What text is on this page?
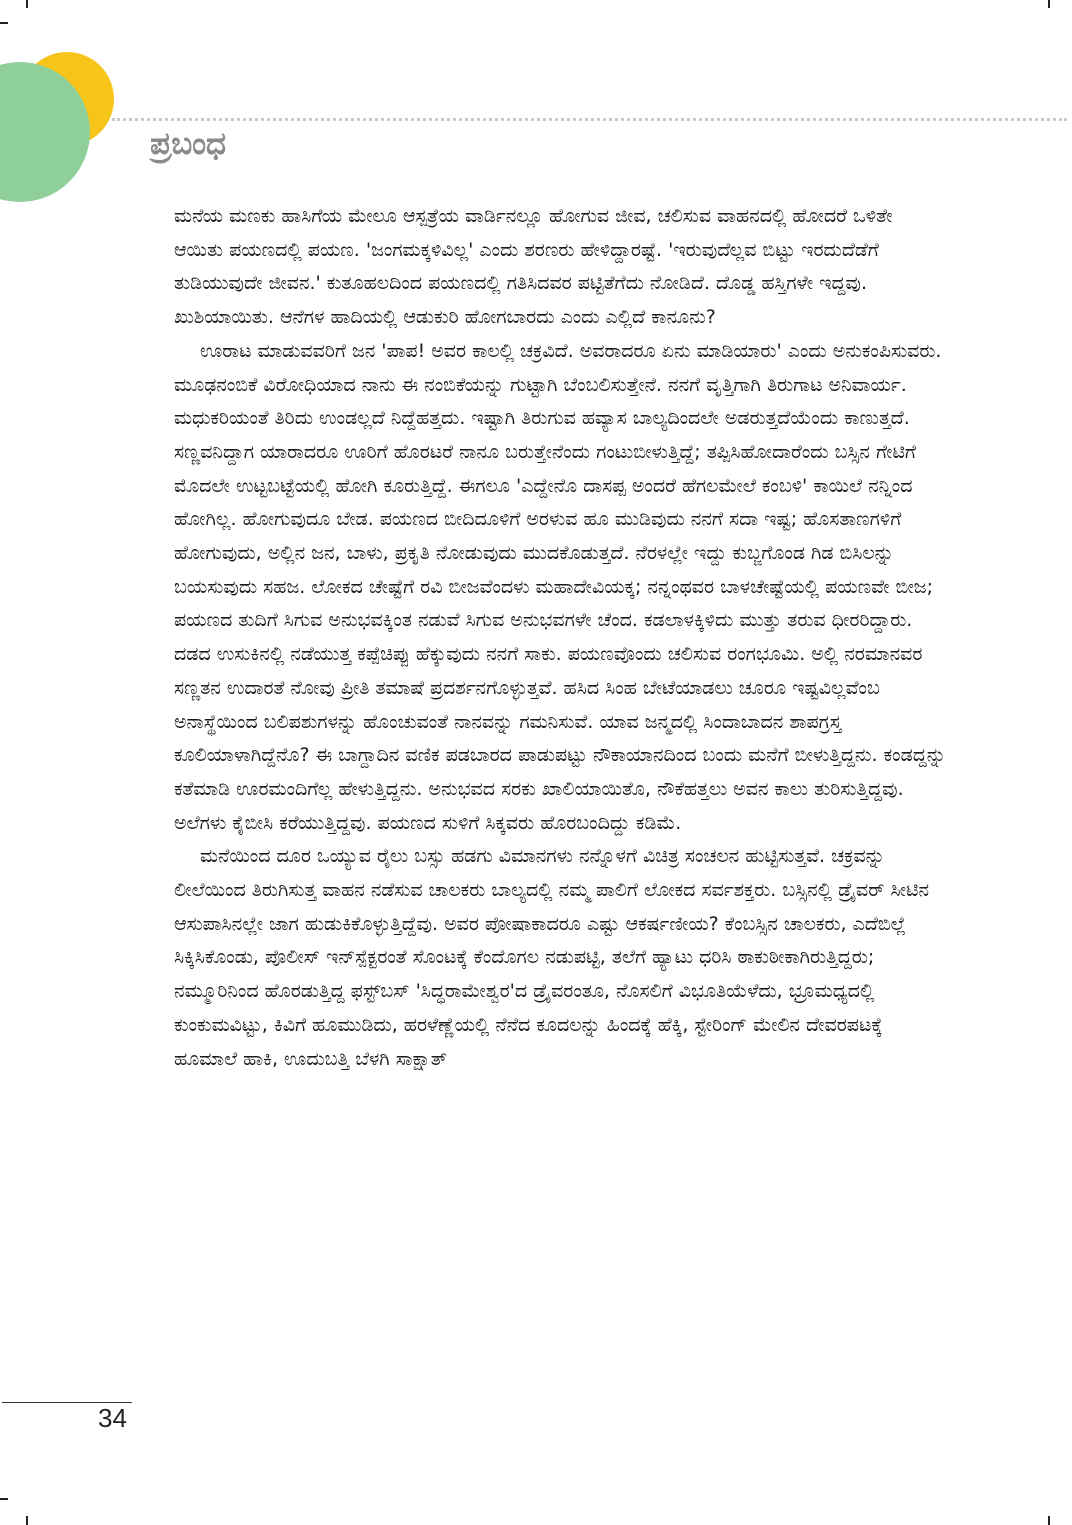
ಪ್ರಬಂಧ

ಮನೆಯ ಮಣಕು ಹಾಸಿಗೆಯ ಮೇಲೂ ಆಸ್ಪತ್ರೆಯ ವಾರ್ಡಿನಲ್ಲೂ ಹೋಗುವ ಜೀವ, ಚಲಿಸುವ ವಾಹನದಲ್ಲಿ ಹೋದರೆ ಒಳಿತೇ ಆಯಿತು ಪಯಣದಲ್ಲಿ ಪಯಣ. 'ಜಂಗಮಕ್ಕಳಿವಿಲ್ಲ' ಎಂದು ಶರಣರು ಹೇಳಿದ್ದಾರಷ್ಟೆ. 'ಇರುವುದೆಲ್ಲವ ಬಿಟ್ಟು ಇರದುದೆಡೆಗೆ ತುಡಿಯುವುದೇ ಜೀವನ.' ಕುತೂಹಲದಿಂದ ಪಯಣದಲ್ಲಿ ಗತಿಸಿದವರ ಪಟ್ಟಿತೆಗೆದು ನೋಡಿದೆ. ದೊಡ್ಡ ಹಸ್ತಿಗಳೇ ಇದ್ದವು. ಖುಶಿಯಾಯಿತು. ಆನೆಗಳ ಹಾದಿಯಲ್ಲಿ ಆಡುಕುರಿ ಹೋಗಬಾರದು ಎಂದು ಎಲ್ಲಿದೆ ಕಾನೂನು?

ಊರಾಟ ಮಾಡುವವರಿಗೆ ಜನ 'ಪಾಪ! ಅವರ ಕಾಲಲ್ಲಿ ಚಕ್ರವಿದೆ. ಅವರಾದರೂ ಏನು ಮಾಡಿಯಾರು' ಎಂದು ಅನುಕಂಪಿಸುವರು. ಮೂಢನಂಬಿಕೆ ವಿರೋಧಿಯಾದ ನಾನು ಈ ನಂಬಿಕೆಯನ್ನು ಗುಟ್ಟಾಗಿ ಬೆಂಬಲಿಸುತ್ತೇನೆ. ನನಗೆ ವೃತ್ತಿಗಾಗಿ ತಿರುಗಾಟ ಅನಿವಾರ್ಯ. ಮಧುಕರಿಯಂತೆ ತಿರಿದು ಉಂಡಲ್ಲದೆ ನಿದ್ದೆಹತ್ತದು. ಇಷ್ಟಾಗಿ ತಿರುಗುವ ಹವ್ಯಾಸ ಬಾಲ್ಯದಿಂದಲೇ ಅಡರುತ್ತದೆಯೆಂದು ಕಾಣುತ್ತದೆ. ಸಣ್ಣವನಿದ್ದಾಗ ಯಾರಾದರೂ ಊರಿಗೆ ಹೊರಟರೆ ನಾನೂ ಬರುತ್ತೇನೆಂದು ಗಂಟುಬೀಳುತ್ತಿದ್ದೆ; ತಪ್ಪಿಸಿಹೋದಾರೆಂದು ಬಸ್ಸಿನ ಗೇಟಿಗೆ ಮೊದಲೇ ಉಟ್ಟಬಟ್ಟೆಯಲ್ಲಿ ಹೋಗಿ ಕೂರುತ್ತಿದ್ದೆ. ಈಗಲೂ 'ಎದ್ದೇನೊ ದಾಸಪ್ಪ ಅಂದರೆ ಹೆಗಲಮೇಲೆ ಕಂಬಳಿ' ಕಾಯಿಲೆ ನನ್ನಿಂದ ಹೋಗಿಲ್ಲ. ಹೋಗುವುದೂ ಬೇಡ. ಪಯಣದ ಬೀದಿದೂಳಿಗೆ ಅರಳುವ ಹೂ ಮುಡಿವುದು ನನಗೆ ಸದಾ ಇಷ್ಟ; ಹೊಸತಾಣಗಳಿಗೆ ಹೋಗುವುದು, ಅಲ್ಲಿನ ಜನ, ಬಾಳು, ಪ್ರಕೃತಿ ನೋಡುವುದು ಮುದಕೊಡುತ್ತದೆ. ನೆರಳಲ್ಲೇ ಇದ್ದು ಕುಬ್ಜಗೊಂಡ ಗಿಡ ಬಿಸಿಲನ್ನು ಬಯಸುವುದು ಸಹಜ. ಲೋಕದ ಚೇಷ್ಟೆಗೆ ರವಿ ಬೀಜವೆಂದಳು ಮಹಾದೇವಿಯಕ್ಕ; ನನ್ನಂಥವರ ಬಾಳಚೇಷ್ಟೆಯಲ್ಲಿ ಪಯಣವೇ ಬೀಜ; ಪಯಣದ ತುದಿಗೆ ಸಿಗುವ ಅನುಭವಕ್ಕಿಂತ ನಡುವೆ ಸಿಗುವ ಅನುಭವಗಳೇ ಚೆಂದ. ಕಡಲಾಳಕ್ಕಿಳಿದು ಮುತ್ತು ತರುವ ಧೀರರಿದ್ದಾರು. ದಡದ ಉಸುಕಿನಲ್ಲಿ ನಡೆಯುತ್ತ ಕಪ್ಪೆಚಿಪ್ಪು ಹೆಕ್ಕುವುದು ನನಗೆ ಸಾಕು. ಪಯಣವೊಂದು ಚಲಿಸುವ ರಂಗಭೂಮಿ. ಅಲ್ಲಿ ನರಮಾನವರ ಸಣ್ಣತನ ಉದಾರತೆ ನೋವು ಪ್ರೀತಿ ತಮಾಷೆ ಪ್ರದರ್ಶನಗೊಳ್ಳುತ್ತವೆ. ಹಸಿದ ಸಿಂಹ ಬೇಟೆಯಾಡಲು ಚೂರೂ ಇಷ್ಟವಿಲ್ಲವೆಂಬ ಅನಾಸ್ಥೆಯಿಂದ ಬಲಿಪಶುಗಳನ್ನು ಹೊಂಚುವಂತೆ ನಾನವನ್ನು ಗಮನಿಸುವೆ. ಯಾವ ಜನ್ಮದಲ್ಲಿ ಸಿಂದಾಬಾದನ ಶಾಪಗ್ರಸ್ತ ಕೂಲಿಯಾಳಾಗಿದ್ದೆನೊ? ಈ ಬಾಗ್ದಾದಿನ ವಣಿಕ ಪಡಬಾರದ ಪಾಡುಪಟ್ಟು ನೌಕಾಯಾನದಿಂದ ಬಂದು ಮನೆಗೆ ಬೀಳುತ್ತಿದ್ದನು. ಕಂಡದ್ದನ್ನು ಕತೆಮಾಡಿ ಊರಮಂದಿಗೆಲ್ಲ ಹೇಳುತ್ತಿದ್ದನು. ಅನುಭವದ ಸರಕು ಖಾಲಿಯಾಯಿತೊ, ನೌಕೆಹತ್ತಲು ಅವನ ಕಾಲು ತುರಿಸುತ್ತಿದ್ದವು. ಅಲೆಗಳು ಕೈಬೀಸಿ ಕರೆಯುತ್ತಿದ್ದವು. ಪಯಣದ ಸುಳಿಗೆ ಸಿಕ್ಕವರು ಹೊರಬಂದಿದ್ದು ಕಡಿಮೆ.

ಮನೆಯಿಂದ ದೂರ ಒಯ್ಯುವ ರೈಲು ಬಸ್ಸು ಹಡಗು ವಿಮಾನಗಳು ನನ್ನೊಳಗೆ ವಿಚಿತ್ರ ಸಂಚಲನ ಹುಟ್ಟಿಸುತ್ತವೆ. ಚಕ್ರವನ್ನು ಲೀಲೆಯಿಂದ ತಿರುಗಿಸುತ್ತ ವಾಹನ ನಡೆಸುವ ಚಾಲಕರು ಬಾಲ್ಯದಲ್ಲಿ ನಮ್ಮ ಪಾಲಿಗೆ ಲೋಕದ ಸರ್ವಶಕ್ತರು. ಬಸ್ಸಿನಲ್ಲಿ ಡ್ರೈವರ್ ಸೀಟಿನ ಆಸುಪಾಸಿನಲ್ಲೇ ಜಾಗ ಹುಡುಕಿಕೊಳ್ಳುತ್ತಿದ್ದೆವು. ಅವರ ಪೋಷಾಕಾದರೂ ಎಷ್ಟು ಆಕರ್ಷಣೀಯ? ಕೆಂಬಸ್ಸಿನ ಚಾಲಕರು, ಎದೆಬಿಲ್ಲೆ ಸಿಕ್ಕಿಸಿಕೊಂಡು, ಪೊಲೀಸ್ ಇನ್‌ಸ್ಪೆಕ್ಟರಂತೆ ಸೊಂಟಕ್ಕೆ ಕೆಂದೊಗಲ ನಡುಪಟ್ಟಿ, ತಲೆಗೆ ಹ್ಯಾಟು ಧರಿಸಿ ಠಾಕುಠೀಕಾಗಿರುತ್ತಿದ್ದರು; ನಮ್ಮೂರಿನಿಂದ ಹೊರಡುತ್ತಿದ್ದ ಫಸ್ಟ್‌ಬಸ್ 'ಸಿದ್ಧರಾಮೇಶ್ವರ'ದ ಡ್ರೈವರಂತೂ, ನೊಸಲಿಗೆ ವಿಭೂತಿಯೆಳೆದು, ಭ್ರೂಮಧ್ಯದಲ್ಲಿ ಕುಂಕುಮವಿಟ್ಟು, ಕಿವಿಗೆ ಹೂಮುಡಿದು, ಹರಳೆಣ್ಣೆಯಲ್ಲಿ ನೆನೆದ ಕೂದಲನ್ನು ಹಿಂದಕ್ಕೆ ಹೆಕ್ಕಿ, ಸ್ಟೇರಿಂಗ್ ಮೇಲಿನ ದೇವರಪಟಕ್ಕೆ ಹೂಮಾಲೆ ಹಾಕಿ, ಊದುಬತ್ತಿ ಬೆಳಗಿ ಸಾಕ್ಷಾತ್

34
